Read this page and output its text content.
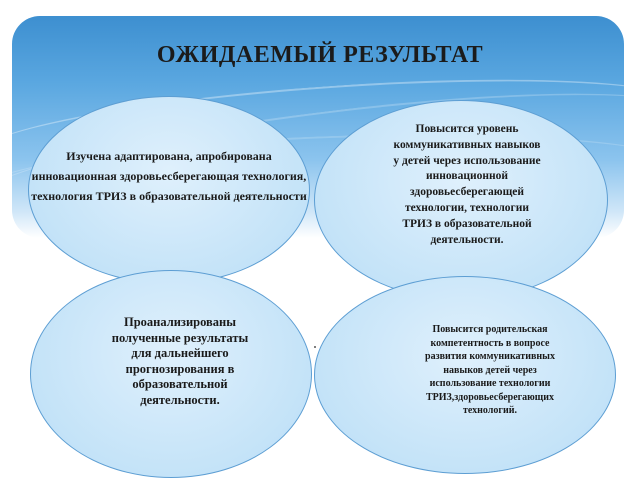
ОЖИДАЕМЫЙ РЕЗУЛЬТАТ
Изучена адаптирована, апробирована инновационная здоровьесберегающая технология, технология ТРИЗ в образовательной деятельности
Повысится уровень коммуникативных навыков у детей через использование инновационной здоровьесберегающей технологии, технологии ТРИЗ в образовательной деятельности.
Проанализированы полученные результаты для дальнейшего прогнозирования в образовательной деятельности.
Повысится родительская компетентность в вопросе развития коммуникативных навыков детей через использование технологии ТРИЗ,здоровьесберегающих технологий.
